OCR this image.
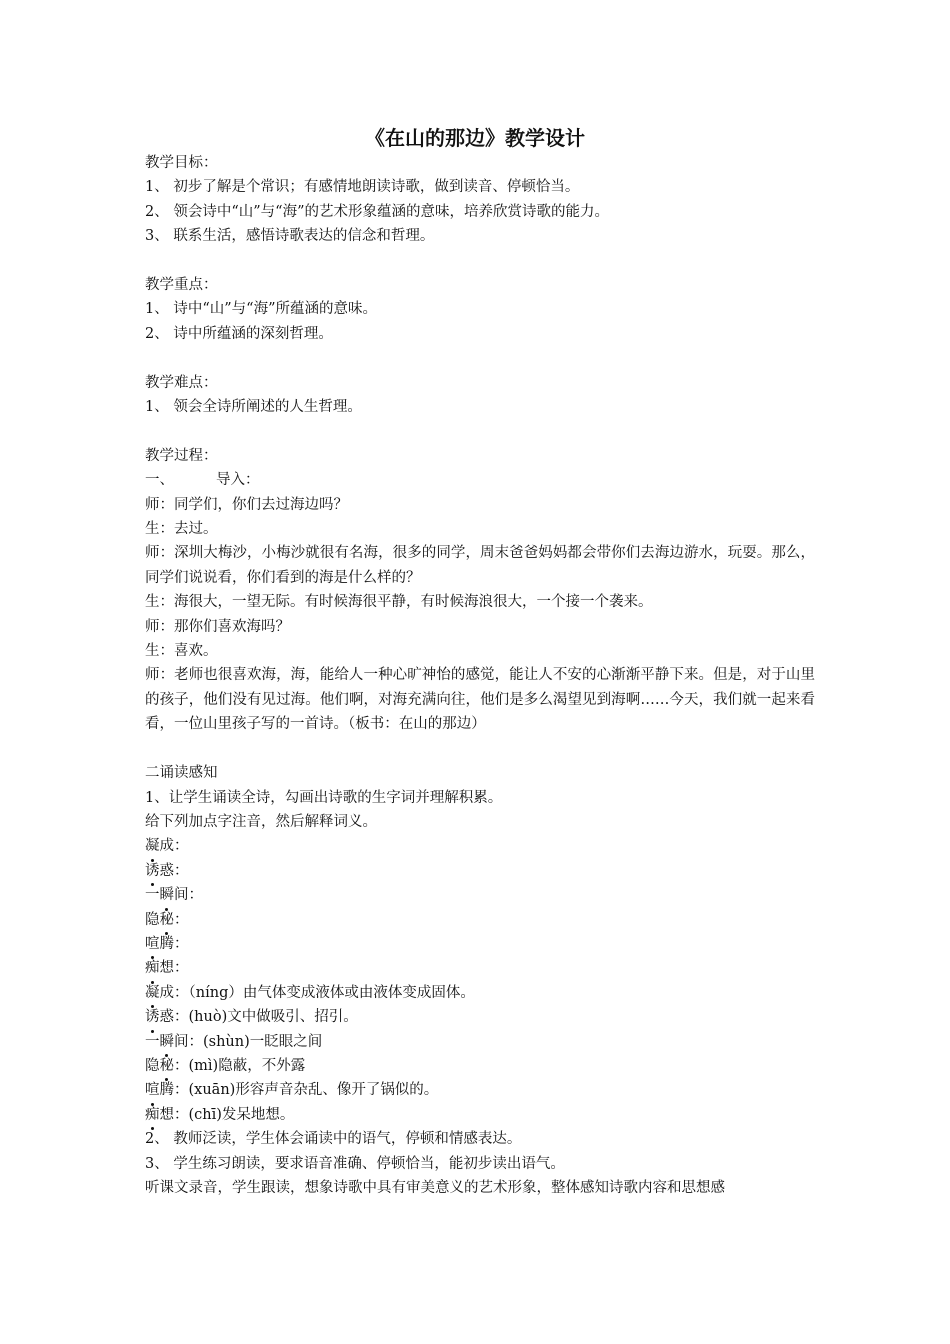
《在山的那边》教学设计

教学目标：

1、 初步了解是个常识；有感情地朗读诗歌，做到读音、停顿恰当。

2、 领会诗中“山”与“海”的艺术形象蕴涵的意味，培养欣赏诗歌的能力。

3、 联系生活，感悟诗歌表达的信念和哲理。

教学重点：

1、 诗中“山”与“海”所蕴涵的意味。

2、 诗中所蕴涵的深刻哲理。

教学难点：

1、 领会全诗所阐述的人生哲理。

教学过程：

一、	导入：

师：同学们，你们去过海边吗？

生：去过。

师：深圳大梅沙，小梅沙就很有名海，很多的同学，周末爸爸妈妈都会带你们去海边游水，玩耍。那么，同学们说说看，你们看到的海是什么样的？

生：海很大，一望无际。有时候海很平静，有时候海浪很大，一个接一个袭来。

师：那你们喜欢海吗？

生：喜欢。

师：老师也很喜欢海，海，能给人一种心旷神怡的感觉，能让人不安的心渐渐平静下来。但是，对于山里的孩子，他们没有见过海。他们啊，对海充满向往，他们是多么渴望见到海啊……今天，我们就一起来看看，一位山里孩子写的一首诗。（板书：在山的那边）

二诵读感知

1、让学生诵读全诗，勾画出诗歌的生字词并理解积累。

给下列加点字注音，然后解释词义。

凝成：

诱惑：

一瞬间：

隐秘：

喧腾：

痴想：

凝成：（níng）由气体变成液体或由液体变成固体。

诱惑：(huò)文中做吸引、招引。

一瞬间：(shùn)一眨眼之间

隐秘：(mì)隐蔽，不外露

喧腾：(xuān)形容声音杂乱、像开了锅似的。

痴想：(chī)发呆地想。

2、 教师泛读，学生体会诵读中的语气，停顿和情感表达。

3、 学生练习朗读，要求语音准确、停顿恰当，能初步读出语气。

听课文录音，学生跟读，想象诗歌中具有审美意义的艺术形象，整体感知诗歌内容和思想感
